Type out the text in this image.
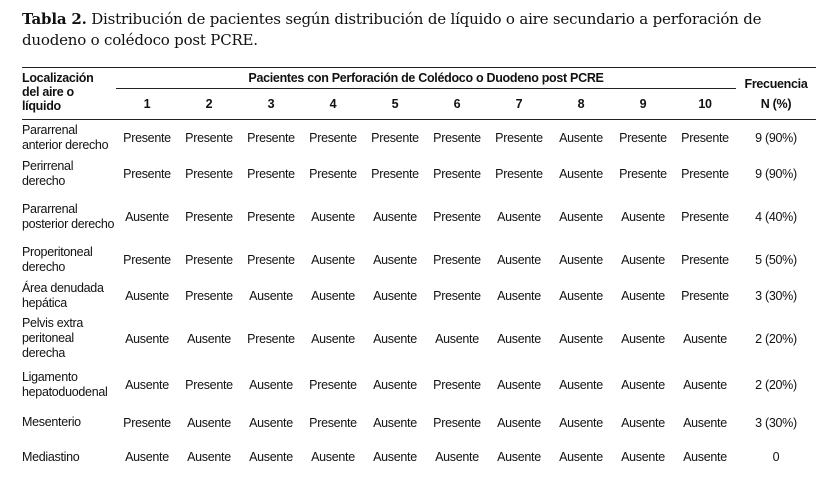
Tabla 2. Distribución de pacientes según distribución de líquido o aire secundario a perforación de duodeno o colédoco post PCRE.
Localización del aire o líquido	Pacientes con Perforación de Colédoco o Duodeno post PCRE										Frecuencia
N (%)

	1	2	3	4	5	6	7	8	9	10	
Pararrenal anterior derecho	Presente	Presente	Presente	Presente	Presente	Presente	Presente	Ausente	Presente	Presente	9 (90%)
Perirrenal derecho	Presente	Presente	Presente	Presente	Presente	Presente	Presente	Ausente	Presente	Presente	9 (90%)
Pararrenal posterior derecho	Ausente	Presente	Presente	Ausente	Ausente	Presente	Ausente	Ausente	Ausente	Presente	4 (40%)
Properitoneal derecho	Presente	Presente	Presente	Ausente	Ausente	Presente	Ausente	Ausente	Ausente	Presente	5 (50%)
Área denudada hepática	Ausente	Presente	Ausente	Ausente	Ausente	Presente	Ausente	Ausente	Ausente	Presente	3 (30%)
Pelvis extra peritoneal derecha	Ausente	Ausente	Presente	Ausente	Ausente	Ausente	Ausente	Ausente	Ausente	Ausente	2 (20%)
Ligamento hepatoduodenal	Ausente	Presente	Ausente	Presente	Ausente	Presente	Ausente	Ausente	Ausente	Ausente	2 (20%)
Mesenterio	Presente	Ausente	Ausente	Presente	Ausente	Presente	Ausente	Ausente	Ausente	Ausente	3 (30%)
Mediastino	Ausente	Ausente	Ausente	Ausente	Ausente	Ausente	Ausente	Ausente	Ausente	Ausente	0
